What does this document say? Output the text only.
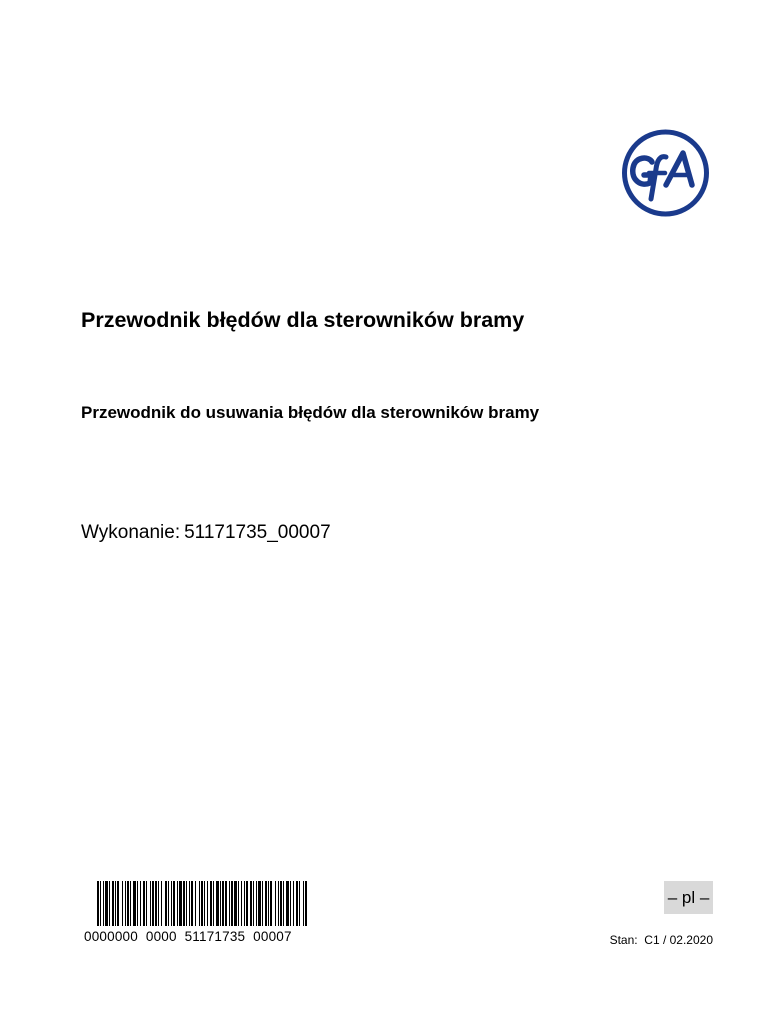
Przewodnik błędów dla sterowników bramy
Przewodnik do usuwania błędów dla sterowników bramy
Wykonanie: 51171735_00007
0000000  0000  51171735  00007
– pl –
Stan: C1 / 02.2020
